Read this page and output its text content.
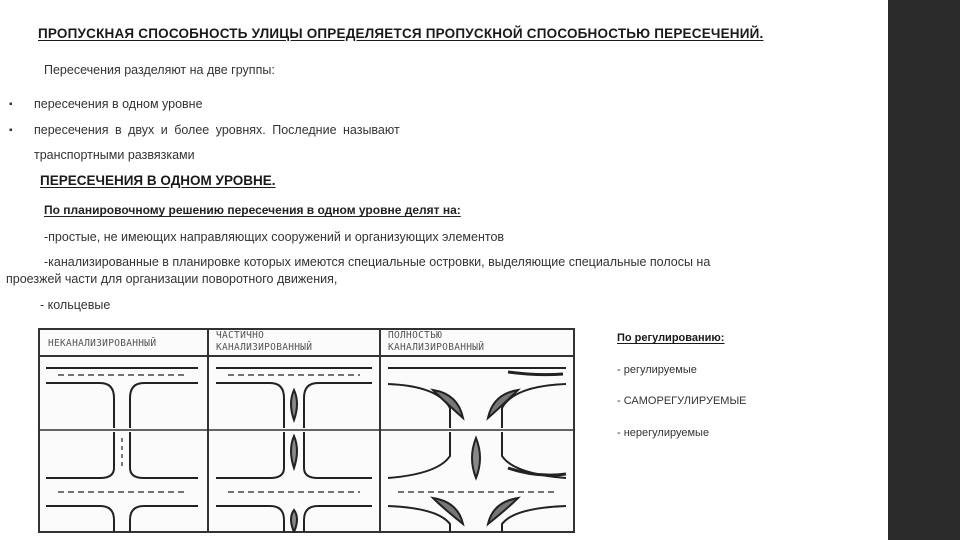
ПРОПУСКНАЯ СПОСОБНОСТЬ УЛИЦЫ ОПРЕДЕЛЯЕТСЯ ПРОПУСКНОЙ СПОСОБНОСТЬЮ ПЕРЕСЕЧЕНИЙ.
Пересечения разделяют на две группы:
▪ пересечения в одном уровне
▪ пересечения в двух и более уровнях. Последние называют
транспортными развязками
ПЕРЕСЕЧЕНИЯ В ОДНОМ УРОВНЕ.
По планировочному решению пересечения в одном уровне делят на:
-простые, не имеющих направляющих сооружений и организующих элементов
-канализированные в планировке которых имеются специальные островки, выделяющие специальные полосы на
проезжей части для организации поворотного движения,
- кольцевые
НЕКАНАЛИЗИРОВАННЫЙ
ЧАСТИЧНО
КАНАЛИЗИРОВАННЫЙ
ПОЛНОСТЬЮ
КАНАЛИЗИРОВАННЫЙ
По регулированию:
- регулируемые
- САМОРЕГУЛИРУЕМЫЕ
- нерегулируемые
